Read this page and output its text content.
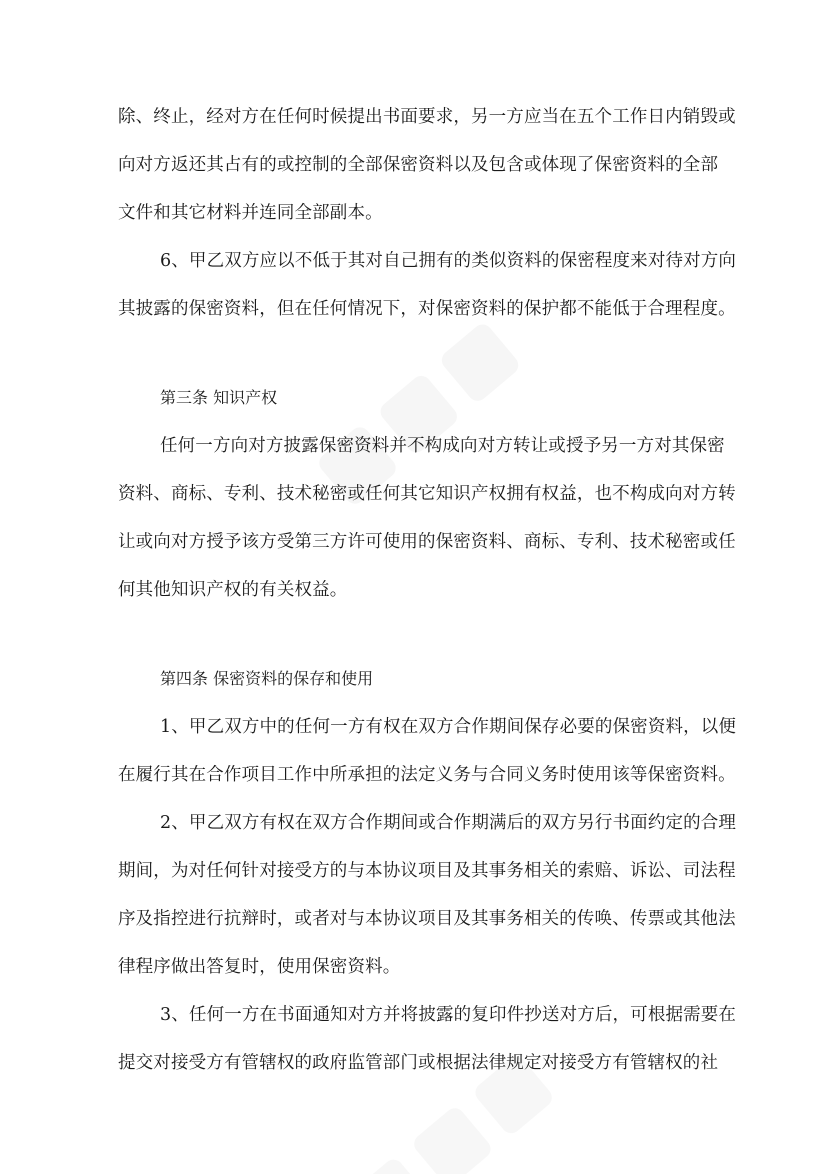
除、终止，经对方在任何时候提出书面要求，另一方应当在五个工作日内销毁或
向对方返还其占有的或控制的全部保密资料以及包含或体现了保密资料的全部
文件和其它材料并连同全部副本。
6、甲乙双方应以不低于其对自己拥有的类似资料的保密程度来对待对方向
其披露的保密资料，但在任何情况下，对保密资料的保护都不能低于合理程度。
第三条 知识产权
任何一方向对方披露保密资料并不构成向对方转让或授予另一方对其保密
资料、商标、专利、技术秘密或任何其它知识产权拥有权益，也不构成向对方转
让或向对方授予该方受第三方许可使用的保密资料、商标、专利、技术秘密或任
何其他知识产权的有关权益。
第四条 保密资料的保存和使用
1、甲乙双方中的任何一方有权在双方合作期间保存必要的保密资料，以便
在履行其在合作项目工作中所承担的法定义务与合同义务时使用该等保密资料。
2、甲乙双方有权在双方合作期间或合作期满后的双方另行书面约定的合理
期间，为对任何针对接受方的与本协议项目及其事务相关的索赔、诉讼、司法程
序及指控进行抗辩时，或者对与本协议项目及其事务相关的传唤、传票或其他法
律程序做出答复时，使用保密资料。
3、任何一方在书面通知对方并将披露的复印件抄送对方后，可根据需要在
提交对接受方有管辖权的政府监管部门或根据法律规定对接受方有管辖权的社
